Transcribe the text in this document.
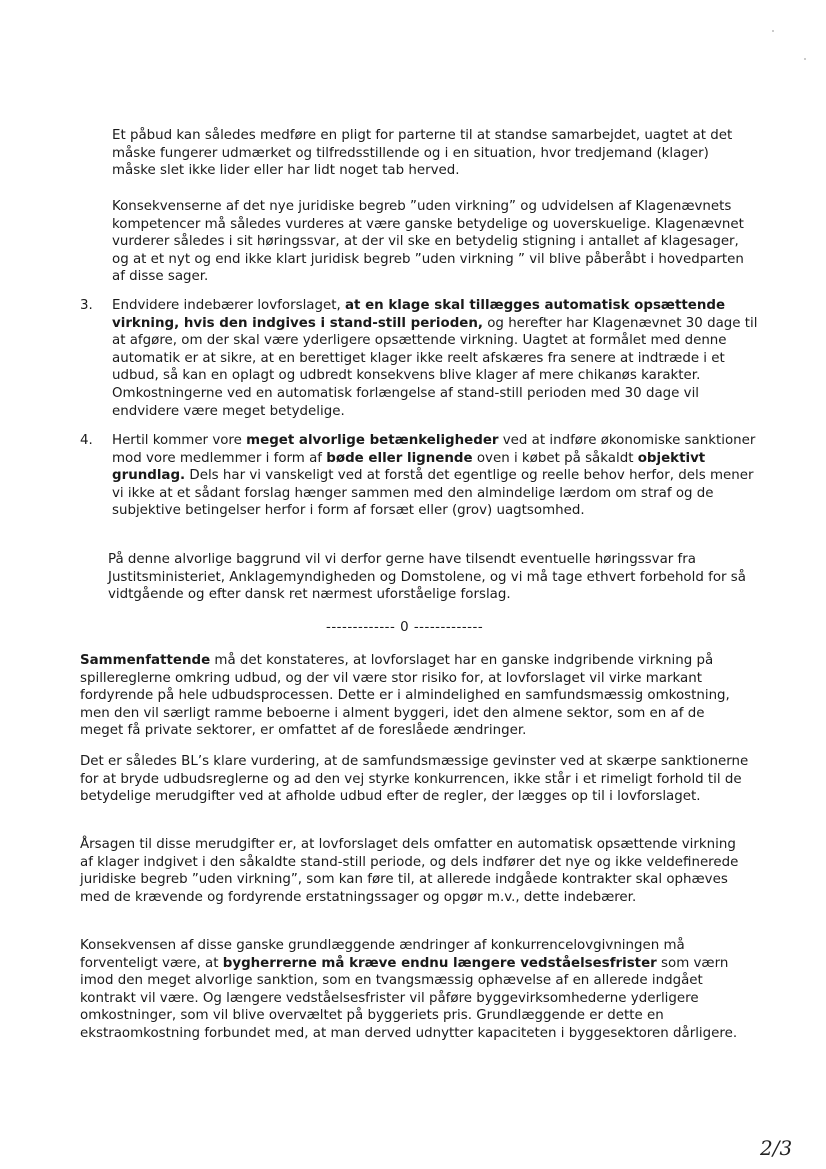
Et påbud kan således medføre en pligt for parterne til at standse samarbejdet, uagtet at det måske fungerer udmærket og tilfredsstillende og i en situation, hvor tredjemand (klager) måske slet ikke lider eller har lidt noget tab herved.

Konsekvenserne af det nye juridiske begreb ”uden virkning” og udvidelsen af Klagenævnets kompetencer må således vurderes at være ganske betydelige og uoverskuelige. Klagenævnet vurderer således i sit høringssvar, at der vil ske en betydelig stigning i antallet af klagesager, og at et nyt og end ikke klart juridisk begreb ”uden virkning ” vil blive påberåbt i hovedparten af disse sager.

3.	Endvidere indebærer lovforslaget, at en klage skal tillægges automatisk opsættende virkning, hvis den indgives i stand-still perioden, og herefter har Klagenævnet 30 dage til at afgøre, om der skal være yderligere opsættende virkning. Uagtet at formålet med denne automatik er at sikre, at en berettiget klager ikke reelt afskæres fra senere at indtræde i et udbud, så kan en oplagt og udbredt konsekvens blive klager af mere chikanøs karakter. Omkostningerne ved en automatisk forlængelse af stand-still perioden med 30 dage vil endvidere være meget betydelige.

4.	Hertil kommer vore meget alvorlige betænkeligheder ved at indføre økonomiske sanktioner mod vore medlemmer i form af bøde eller lignende oven i købet på såkaldt objektivt grundlag. Dels har vi vanskeligt ved at forstå det egentlige og reelle behov herfor, dels mener vi ikke at et sådant forslag hænger sammen med den almindelige lærdom om straf og de subjektive betingelser herfor i form af forsæt eller (grov) uagtsomhed.

På denne alvorlige baggrund vil vi derfor gerne have tilsendt eventuelle høringssvar fra Justitsministeriet, Anklagemyndigheden og Domstolene, og vi må tage ethvert forbehold for så vidtgående og efter dansk ret nærmest uforståelige forslag.

------------- 0 -------------

Sammenfattende må det konstateres, at lovforslaget har en ganske indgribende virkning på spillereglerne omkring udbud, og der vil være stor risiko for, at lovforslaget vil virke markant fordyrende på hele udbudsprocessen. Dette er i almindelighed en samfundsmæssig omkostning, men den vil særligt ramme beboerne i alment byggeri, idet den almene sektor, som en af de meget få private sektorer, er omfattet af de foreslåede ændringer.

Det er således BL’s klare vurdering, at de samfundsmæssige gevinster ved at skærpe sanktionerne for at bryde udbudsreglerne og ad den vej styrke konkurrencen, ikke står i et rimeligt forhold til de betydelige merudgifter ved at afholde udbud efter de regler, der lægges op til i lovforslaget.

Årsagen til disse merudgifter er, at lovforslaget dels omfatter en automatisk opsættende virkning af klager indgivet i den såkaldte stand-still periode, og dels indfører det nye og ikke veldefinerede juridiske begreb ”uden virkning”, som kan føre til, at allerede indgåede kontrakter skal ophæves med de krævende og fordyrende erstatningssager og opgør m.v., dette indebærer.

Konsekvensen af disse ganske grundlæggende ændringer af konkurrencelovgivningen må forventeligt være, at bygherrerne må kræve endnu længere vedståelsesfrister som værn imod den meget alvorlige sanktion, som en tvangsmæssig ophævelse af en allerede indgået kontrakt vil være. Og længere vedståelsesfrister vil påføre byggevirksomhederne yderligere omkostninger, som vil blive overvæltet på byggeriets pris. Grundlæggende er dette en ekstraomkostning forbundet med, at man derved udnytter kapaciteten i byggesektoren dårligere.

2/3
